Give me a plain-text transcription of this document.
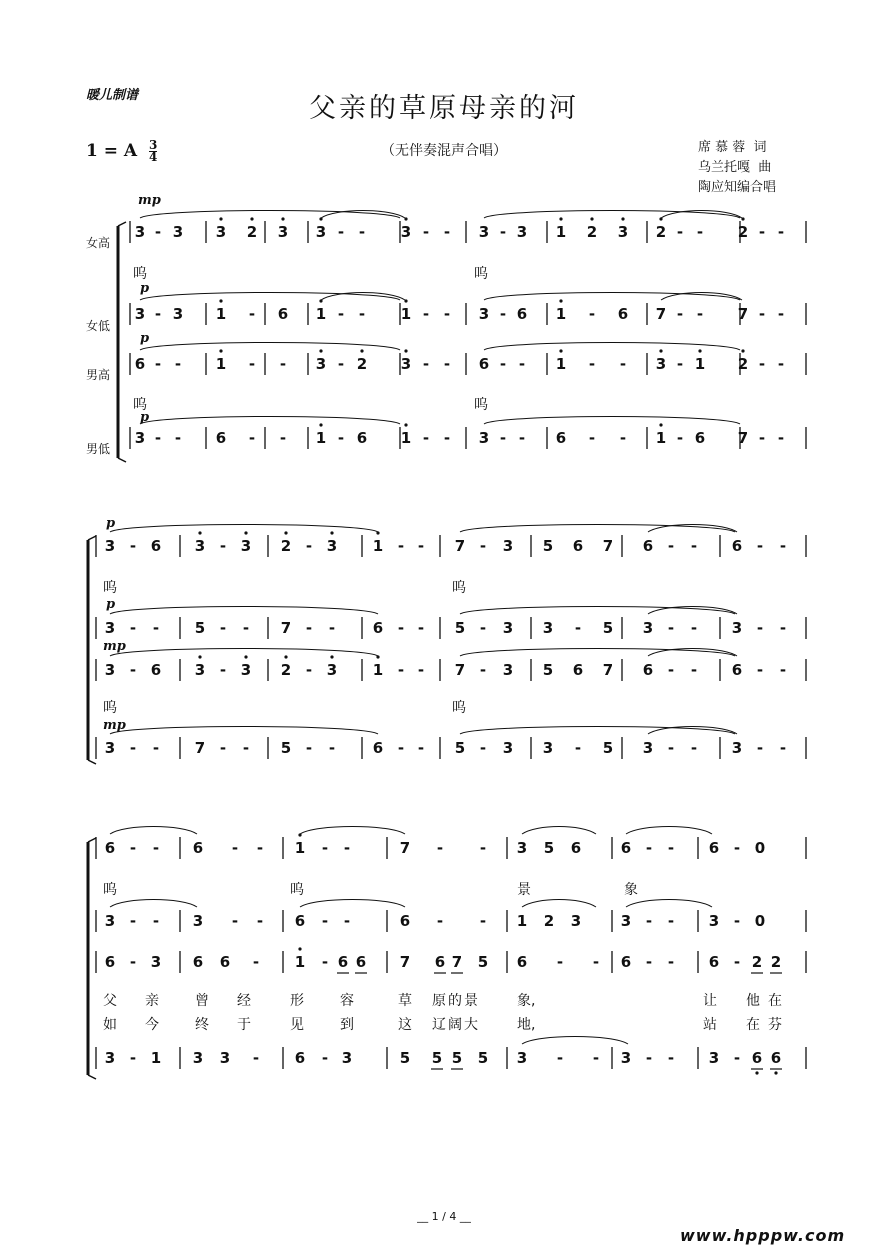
暖儿制谱	父亲的草原母亲的河
1 = A $\frac{3}{4}$	（无伴奏混声合唱）	席 慕 蓉  词
乌兰托嘎  曲
陶应知编合唱
女高
女低
男高
男低
3 - 3 3 2 3 3 - -	3 - -	3 - 3 1 2 3 2 - -	2 - -
3 - 3 1	-	6 1 - -	1 - -	3 - 6 1	-	6 7 - -	7 - -
6 - -	1	-	-	3 - 2 3 - -	6 - -	1	-	-	3 - 1 2 - -
3 - -	6	-	-	1 - 6 1 - -	3 - -	6	-	-	1 - 6 7 - -
3 - 6 3 - 3 2 - 3 1 - -	7 -	3 5 6 7 6 -	-	6 -	-
3 -	-	5 -	-	7 -	-	6 - -	5 -	3 3	-	5 3 -	-	3 -	-
3 - 6 3 - 3 2 - 3 1 - -	7 -	3 5 6 7 6 -	-	6 -	-
3 -	-	7 -	-	5 -	-	6 - -	5 -	3 3	-	5 3 -	-	3 -	-
6 -	-	6	-	-	1	-	-	7	-	-	3 5 6	6 -	-	6 - 0
3 -	-	3	-	-	6	-	-	6	-	-	1 2 3	3 -	-	3 - 0
6 - 3 6 6	-	1	- 6 6 7 6 7 5 6	-	-	6 -	-	6 - 2 2
3 - 1 3 3	-	6	- 3	5 5 5 5 3	-	-	3 -	-	3 - 6 6
呜	呜
呜	呜
呜	呜
呜	呜
呜	呜	景	象
父 亲	曾 经	形	容	草 原的景	象,	让 他在
如 今	终 于	见	到	这 辽阔大	地,	站 在芬
mp
p
p
p
p
p
mp
mp
__ 1 / 4 __
www.hpppw.com
